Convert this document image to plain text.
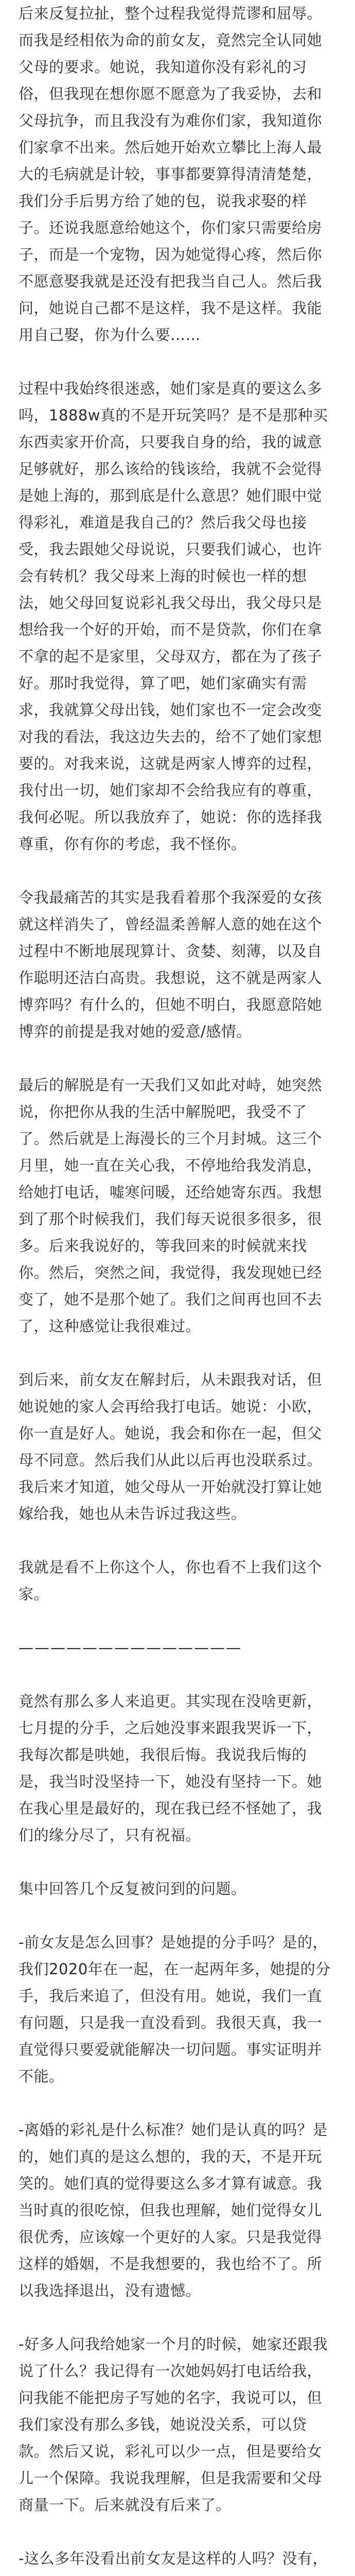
后来反复拉扯，整个过程我觉得荒谬和屈辱。而我是经相依为命的前女友，竟然完全认同她父母的要求。她说，我知道你没有彩礼的习俗，但我现在想你愿不愿意为了我妥协，去和父母抗争，而且我没有为难你们家，我知道你们家拿不出来。然后她开始欢立攀比上海人最大的毛病就是计较，事事都要算得清清楚楚，我们分手后男方给了她的包，说我求娶的样子。还说我愿意给她这个，你们家只需要给房子，而是一个宠物，因为她觉得心疼，然后你不愿意娶我就是还没有把我当自己人。然后我问，她说自己都不是这样，我不是这样。我能用自己娶，你为什么要……

过程中我始终很迷惑，她们家是真的要这么多吗，1888w真的不是开玩笑吗？是不是那种买东西卖家开价高，只要我自身的给，我的诚意足够就好，那么该给的钱该给，我就不会觉得是她上海的，那到底是什么意思？她们眼中觉得彩礼，难道是我自己的？然后我父母也接受，我去跟她父母说说，只要我们诚心，也许会有转机？我父母来上海的时候也一样的想法，她父母回复说彩礼我父母出，我父母只是想给我一个好的开始，而不是贷款，你们在拿不拿的起不是家里，父母双方，都在为了孩子好。那时我觉得，算了吧，她们家确实有需求，我就算父母出钱，她们家也不一定会改变对我的看法，我这边失去的，给不了她们家想要的。对我来说，这就是两家人博弈的过程，我付出一切，她们家却不会给我应有的尊重，我何必呢。所以我放弃了，她说：你的选择我尊重，你有你的考虑，我不怪你。

令我最痛苦的其实是我看着那个我深爱的女孩就这样消失了，曾经温柔善解人意的她在这个过程中不断地展现算计、贪婪、刻薄，以及自作聪明还洁白高贵。我想说，这不就是两家人博弈吗？有什么的，但她不明白，我愿意陪她博弈的前提是我对她的爱意/感情。

最后的解脱是有一天我们又如此对峙，她突然说，你把你从我的生活中解脱吧，我受不了了。然后就是上海漫长的三个月封城。这三个月里，她一直在关心我，不停地给我发消息，给她打电话，嘘寒问暖，还给她寄东西。我想到了那个时候我们，我们每天说很多很多，很多。后来我说好的，等我回来的时候就来找你。然后，突然之间，我觉得，我发现她已经变了，她不是那个她了。我们之间再也回不去了，这种感觉让我很难过。

到后来，前女友在解封后，从未跟我对话，但她说她的家人会再给我打电话。她说：小欧，你一直是好人。她说，我会和你在一起，但父母不同意。然后我们从此以后再也没联系过。我后来才知道，她父母从一开始就没打算让她嫁给我，她也从未告诉过我这些。

我就是看不上你这个人，你也看不上我们这个家。

——————————————

竟然有那么多人来追更。其实现在没啥更新，七月提的分手，之后她没事来跟我哭诉一下，我每次都是哄她，我很后悔。我说我后悔的是，我当时没坚持一下，她没有坚持一下。她在我心里是最好的，现在我已经不怪她了，我们的缘分尽了，只有祝福。

集中回答几个反复被问到的问题。

-前女友是怎么回事？是她提的分手吗？是的，我们2020年在一起，在一起两年多，她提的分手，我后来追了，但没有用。她说，我们一直有问题，只是我一直没看到。我很天真，我一直觉得只要爱就能解决一切问题。事实证明并不能。

-离婚的彩礼是什么标准？她们是认真的吗？是的，她们真的是这么想的，我的天，不是开玩笑的。她们真的觉得要这么多才算有诚意。我当时真的很吃惊，但我也理解，她们觉得女儿很优秀，应该嫁一个更好的人家。只是我觉得这样的婚姻，不是我想要的，我也给不了。所以我选择退出，没有遗憾。

-好多人问我给她家一个月的时候，她家还跟我说了什么？我记得有一次她妈妈打电话给我，问我能不能把房子写她的名字，我说可以，但我们家没有那么多钱，她说没关系，可以贷款。然后又说，彩礼可以少一点，但是要给女儿一个保障。我说我理解，但是我需要和父母商量一下。后来就没有后来了。

-这么多年没看出前女友是这样的人吗？没有，
